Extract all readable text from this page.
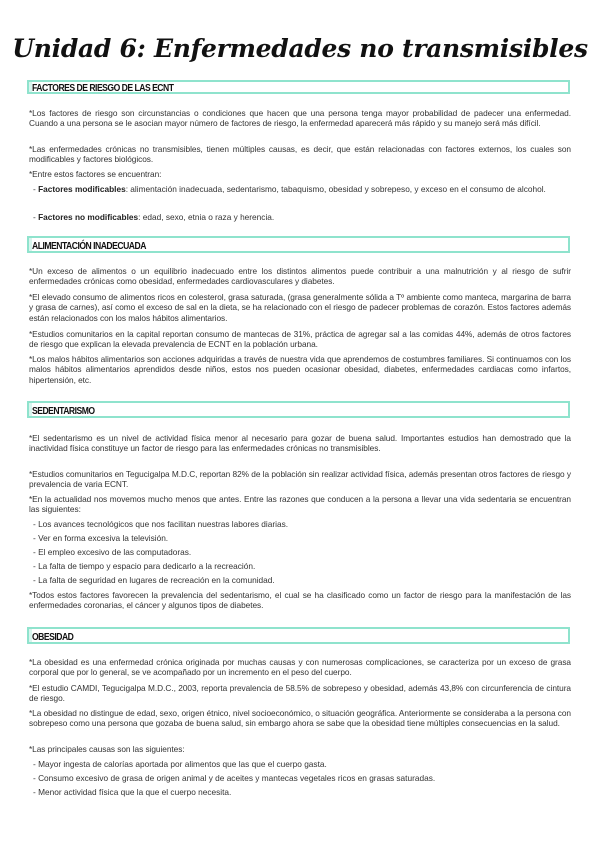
Unidad 6: Enfermedades no transmisibles
FACTORES DE RIESGO DE LAS ECNT
*Los factores de riesgo son circunstancias o condiciones que hacen que una persona tenga mayor probabilidad de padecer una enfermedad. Cuando a una persona se le asocian mayor número de factores de riesgo, la enfermedad aparecerá más rápido y su manejo será más difícil.
*Las enfermedades crónicas no transmisibles, tienen múltiples causas, es decir, que están relacionadas con factores externos, los cuales son modificables y factores biológicos.
*Entre estos factores se encuentran:
- Factores modificables: alimentación inadecuada, sedentarismo, tabaquismo, obesidad y sobrepeso, y exceso en el consumo de alcohol.
- Factores no modificables: edad, sexo, etnia o raza y herencia.
ALIMENTACIÓN INADECUADA
*Un exceso de alimentos o un equilibrio inadecuado entre los distintos alimentos puede contribuir a una malnutrición y al riesgo de sufrir enfermedades crónicas como obesidad, enfermedades cardiovasculares y diabetes.
*El elevado consumo de alimentos ricos en colesterol, grasa saturada, (grasa generalmente sólida a Tº ambiente como manteca, margarina de barra y grasa de carnes), así como el exceso de sal en la dieta, se ha relacionado con el riesgo de padecer problemas de corazón. Estos factores además están relacionados con los malos hábitos alimentarios.
*Estudios comunitarios en la capital reportan consumo de mantecas de 31%, práctica de agregar sal a las comidas 44%, además de otros factores de riesgo que explican la elevada prevalencia de ECNT en la población urbana.
*Los malos hábitos alimentarios son acciones adquiridas a través de nuestra vida que aprendemos de costumbres familiares. Si continuamos con los malos hábitos alimentarios aprendidos desde niños, estos nos pueden ocasionar obesidad, diabetes, enfermedades cardiacas como infartos, hipertensión, etc.
SEDENTARISMO
*El sedentarismo es un nivel de actividad física menor al necesario para gozar de buena salud. Importantes estudios han demostrado que la inactividad física constituye un factor de riesgo para las enfermedades crónicas no transmisibles.
*Estudios comunitarios en Tegucigalpa M.D.C, reportan 82% de la población sin realizar actividad física, además presentan otros factores de riesgo y prevalencia de varia ECNT.
*En la actualidad nos movemos mucho menos que antes. Entre las razones que conducen a la persona a llevar una vida sedentaria se encuentran las siguientes:
- Los avances tecnológicos que nos facilitan nuestras labores diarias.
- Ver en forma excesiva la televisión.
- El empleo excesivo de las computadoras.
- La falta de tiempo y espacio para dedicarlo a la recreación.
- La falta de seguridad en lugares de recreación en la comunidad.
*Todos estos factores favorecen la prevalencia del sedentarismo, el cual se ha clasificado como un factor de riesgo para la manifestación de las enfermedades coronarias, el cáncer y algunos tipos de diabetes.
OBESIDAD
*La obesidad es una enfermedad crónica originada por muchas causas y con numerosas complicaciones, se caracteriza por un exceso de grasa corporal que por lo general, se ve acompañado por un incremento en el peso del cuerpo.
*El estudio CAMDI, Tegucigalpa M.D.C., 2003, reporta prevalencia de 58.5% de sobrepeso y obesidad, además 43,8% con circunferencia de cintura de riesgo.
*La obesidad no distingue de edad, sexo, origen étnico, nivel socioeconómico, o situación geográfica. Anteriormente se consideraba a la persona con sobrepeso como una persona que gozaba de buena salud, sin embargo ahora se sabe que la obesidad tiene múltiples consecuencias en la salud.
*Las principales causas son las siguientes:
- Mayor ingesta de calorías aportada por alimentos que las que el cuerpo gasta.
- Consumo excesivo de grasa de origen animal y de aceites y mantecas vegetales ricos en grasas saturadas.
- Menor actividad física que la que el cuerpo necesita.
